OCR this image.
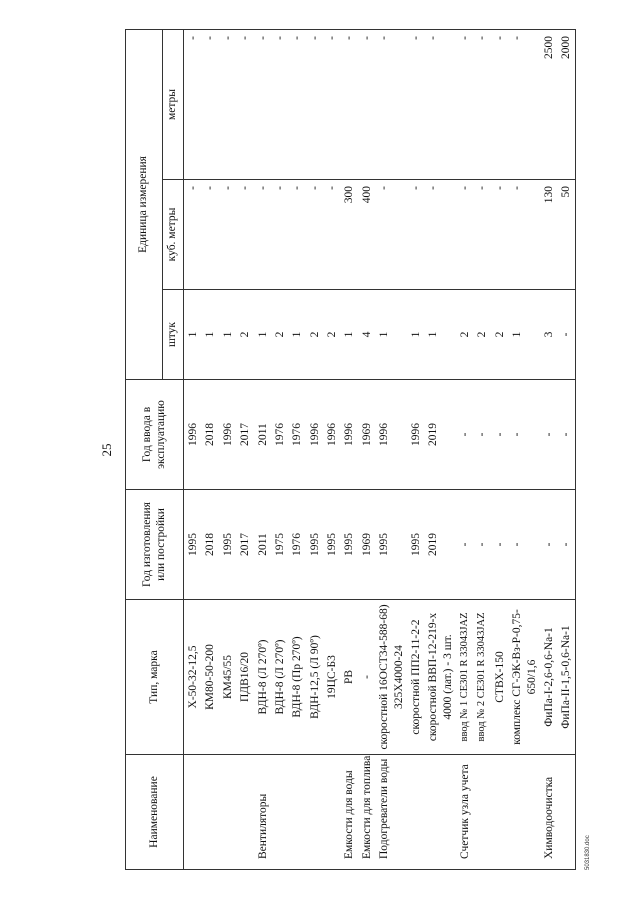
25
Наименование	Тип, марка	Год изготовления или постройки	Год ввода в эксплуатацию	Единица измерения		
				штук	куб. метры	метры
	Х-50-32-12,5	1995	1996	1	-	-
	КМ80-50-200	2018	2018	1	-	-
	КМ45/55	1995	1996	1	-	-
	ПДВ16/20	2017	2017	2	-	-
Вентиляторы	ВДН-8 (Л 270º)	2011	2011	1	-	-
	ВДН-8 (Л 270º)	1975	1976	2	-	-
	ВДН-8 (Пр 270º)	1976	1976	1	-	-
	ВДН-12,5 (Л 90º)	1995	1996	2	-	-
	19ЦС-Б3	1995	1996	2	-	-
Емкости для воды	РВ	1995	1996	1	300	-
Емкости для топлива	-	1969	1969	4	400	-
Подогреватели воды	скоростной 16ОСТ34-588-68) 325Х4000-24	1995	1996	1	-	-
	скоростной ПП2-11-2-2	1995	1996	1	-	-
	скоростной ВВП-12-219-х 4000 (лат.) - 3 шт.	2019	2019	1	-	-
Счетчик узла учета	ввод № 1 СЕ301 R 33043JAZ	-	-	2	-	-
	ввод № 2 СЕ301 R 33043JAZ	-	-	2	-	-
	СТВХ-150	-	-	2	-	-
	комплекс СГ-ЭК-Вз-Р-0,75-650/1,6	-	-	1	-	-
Химводоочистка	ФиПа-I-2,6-0,6-Na-1	-	-	3	130	2500
	ФиПа-II-1,5-0,6-Na-1	-	-	-	50	2000
5031830.doc
